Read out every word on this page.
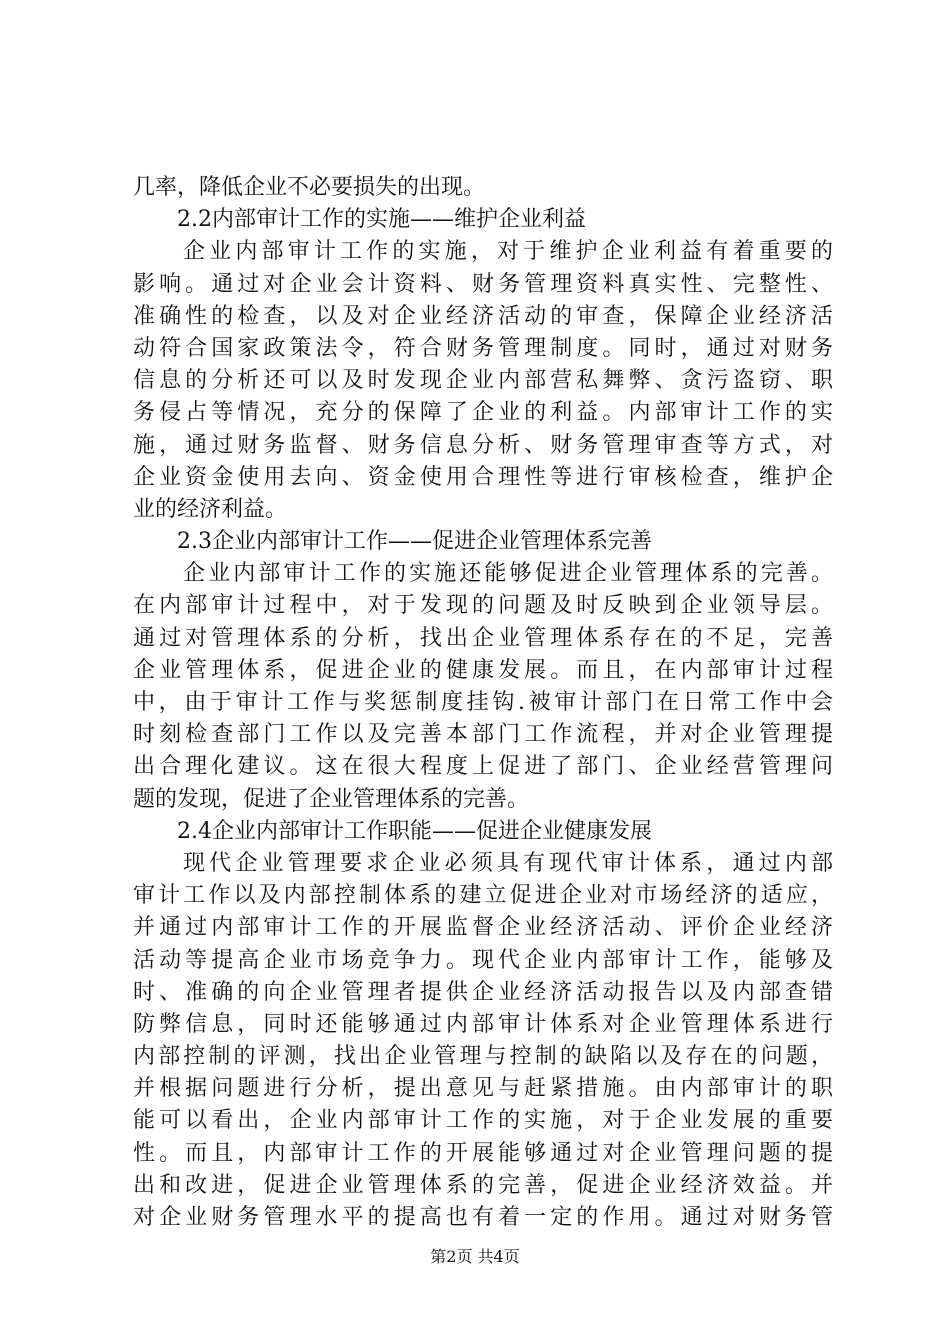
几率，降低企业不必要损失的出现。
2.2内部审计工作的实施——维护企业利益
企业内部审计工作的实施，对于维护企业利益有着重要的
影响。通过对企业会计资料、财务管理资料真实性、完整性、
准确性的检查，以及对企业经济活动的审查，保障企业经济活
动符合国家政策法令，符合财务管理制度。同时，通过对财务
信息的分析还可以及时发现企业内部营私舞弊、贪污盗窃、职
务侵占等情况，充分的保障了企业的利益。内部审计工作的实
施，通过财务监督、财务信息分析、财务管理审查等方式，对
企业资金使用去向、资金使用合理性等进行审核检查，维护企
业的经济利益。
2.3企业内部审计工作——促进企业管理体系完善
企业内部审计工作的实施还能够促进企业管理体系的完善。
在内部审计过程中，对于发现的问题及时反映到企业领导层。
通过对管理体系的分析，找出企业管理体系存在的不足，完善
企业管理体系，促进企业的健康发展。而且，在内部审计过程
中，由于审计工作与奖惩制度挂钩.被审计部门在日常工作中会
时刻检查部门工作以及完善本部门工作流程，并对企业管理提
出合理化建议。这在很大程度上促进了部门、企业经营管理问
题的发现，促进了企业管理体系的完善。
2.4企业内部审计工作职能——促进企业健康发展
现代企业管理要求企业必须具有现代审计体系，通过内部
审计工作以及内部控制体系的建立促进企业对市场经济的适应，
并通过内部审计工作的开展监督企业经济活动、评价企业经济
活动等提高企业市场竞争力。现代企业内部审计工作，能够及
时、准确的向企业管理者提供企业经济活动报告以及内部查错
防弊信息，同时还能够通过内部审计体系对企业管理体系进行
内部控制的评测，找出企业管理与控制的缺陷以及存在的问题，
并根据问题进行分析，提出意见与赶紧措施。由内部审计的职
能可以看出，企业内部审计工作的实施，对于企业发展的重要
性。而且，内部审计工作的开展能够通过对企业管理问题的提
出和改进，促进企业管理体系的完善，促进企业经济效益。并
对企业财务管理水平的提高也有着一定的作用。通过对财务管
第2页 共4页
